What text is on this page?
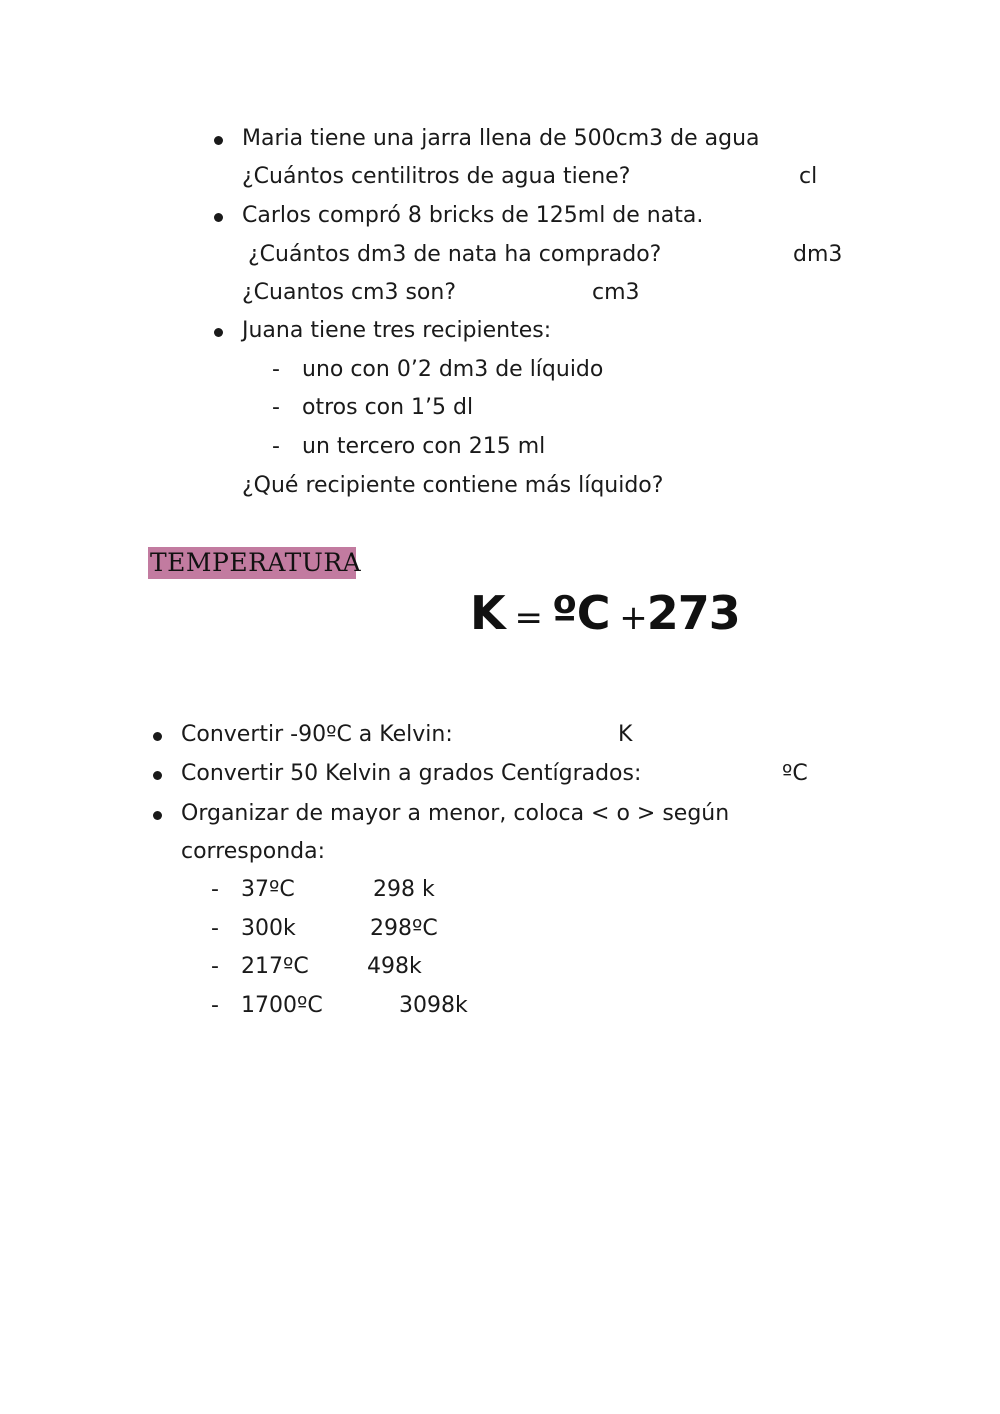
Maria tiene una jarra llena de 500cm3 de agua
¿Cuántos centilitros de agua tiene?	cl
Carlos compró 8 bricks de 125ml de nata.
¿Cuántos dm3 de nata ha comprado?	dm3
¿Cuantos cm3 son?	cm3
Juana tiene tres recipientes:
- uno con 0’2 dm3 de líquido
- otros con 1’5 dl
- un tercero con 215 ml
¿Qué recipiente contiene más líquido?
TEMPERATURA
K = ºC +273
Convertir -90ºC a Kelvin:	K
Convertir 50 Kelvin a grados Centígrados:	ºC
Organizar de mayor a menor, coloca < o > según
corresponda:
- 37ºC	298 k
- 300k	298ºC
- 217ºC	498k
- 1700ºC	3098k
